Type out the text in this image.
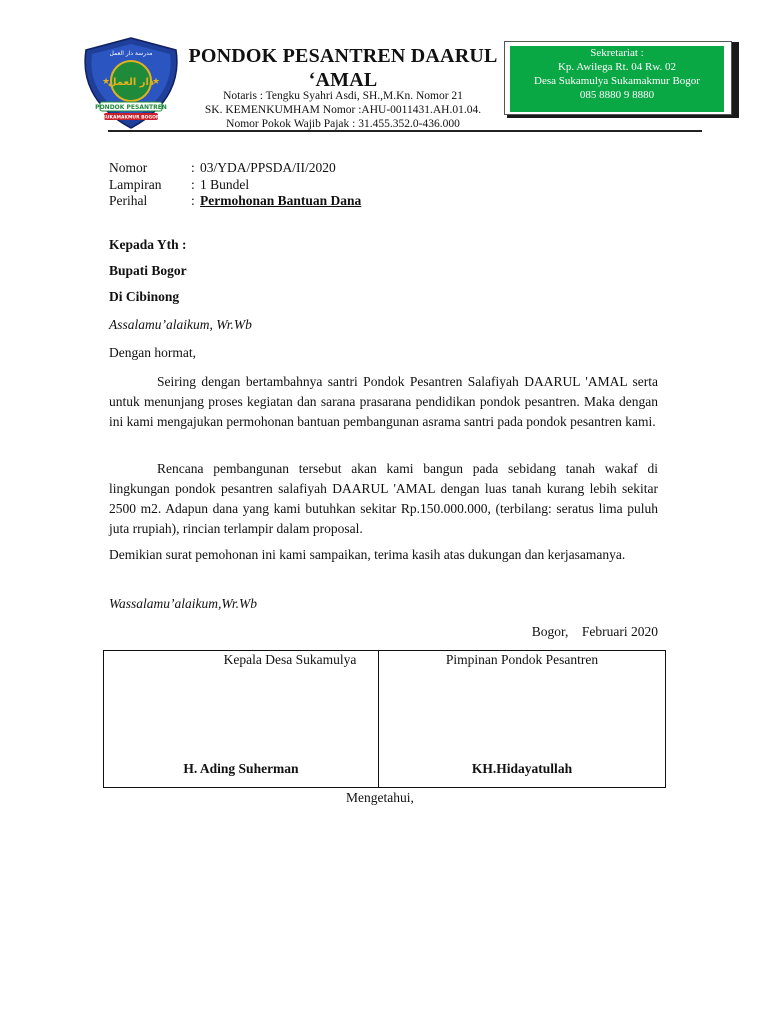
مدرسة دار العمل
★	★
دار العمل
PONDOK PESANTREN
SUKAMAKMUR BOGOR
PONDOK PESANTREN DAARUL
‘AMAL
Notaris : Tengku Syahri Asdi, SH.,M.Kn. Nomor 21
SK. KEMENKUMHAM Nomor :AHU-0011431.AH.01.04.
Nomor Pokok Wajib Pajak : 31.455.352.0-436.000
Sekretariat :
Kp. Awilega Rt. 04 Rw. 02
Desa Sukamulya Sukamakmur Bogor
085 8880 9 8880
Nomor	: 03/YDA/PPSDA/II/2020
Lampiran : 1 Bundel
Perihal	: Permohonan Bantuan Dana
Kepada Yth :
Bupati Bogor
Di Cibinong
Assalamu’alaikum, Wr.Wb
Dengan hormat,
Seiring dengan bertambahnya santri Pondok Pesantren Salafiyah DAARUL 'AMAL serta untuk menunjang proses kegiatan dan sarana prasarana pendidikan pondok pesantren. Maka dengan ini kami mengajukan permohonan bantuan pembangunan asrama santri pada pondok pesantren kami.
Rencana pembangunan tersebut akan kami bangun pada sebidang tanah wakaf di lingkungan pondok pesantren salafiyah DAARUL 'AMAL dengan luas tanah kurang lebih sekitar 2500 m2. Adapun dana yang kami butuhkan sekitar Rp.150.000.000, (terbilang: seratus lima puluh juta rrupiah), rincian terlampir dalam proposal.
Demikian surat pemohonan ini kami sampaikan, terima kasih atas dukungan dan kerjasamanya.
Wassalamu’alaikum,Wr.Wb
Bogor,    Februari 2020
Kepala Desa Sukamulya
H. Ading Suherman
Pimpinan Pondok Pesantren
KH.Hidayatullah
Mengetahui,
